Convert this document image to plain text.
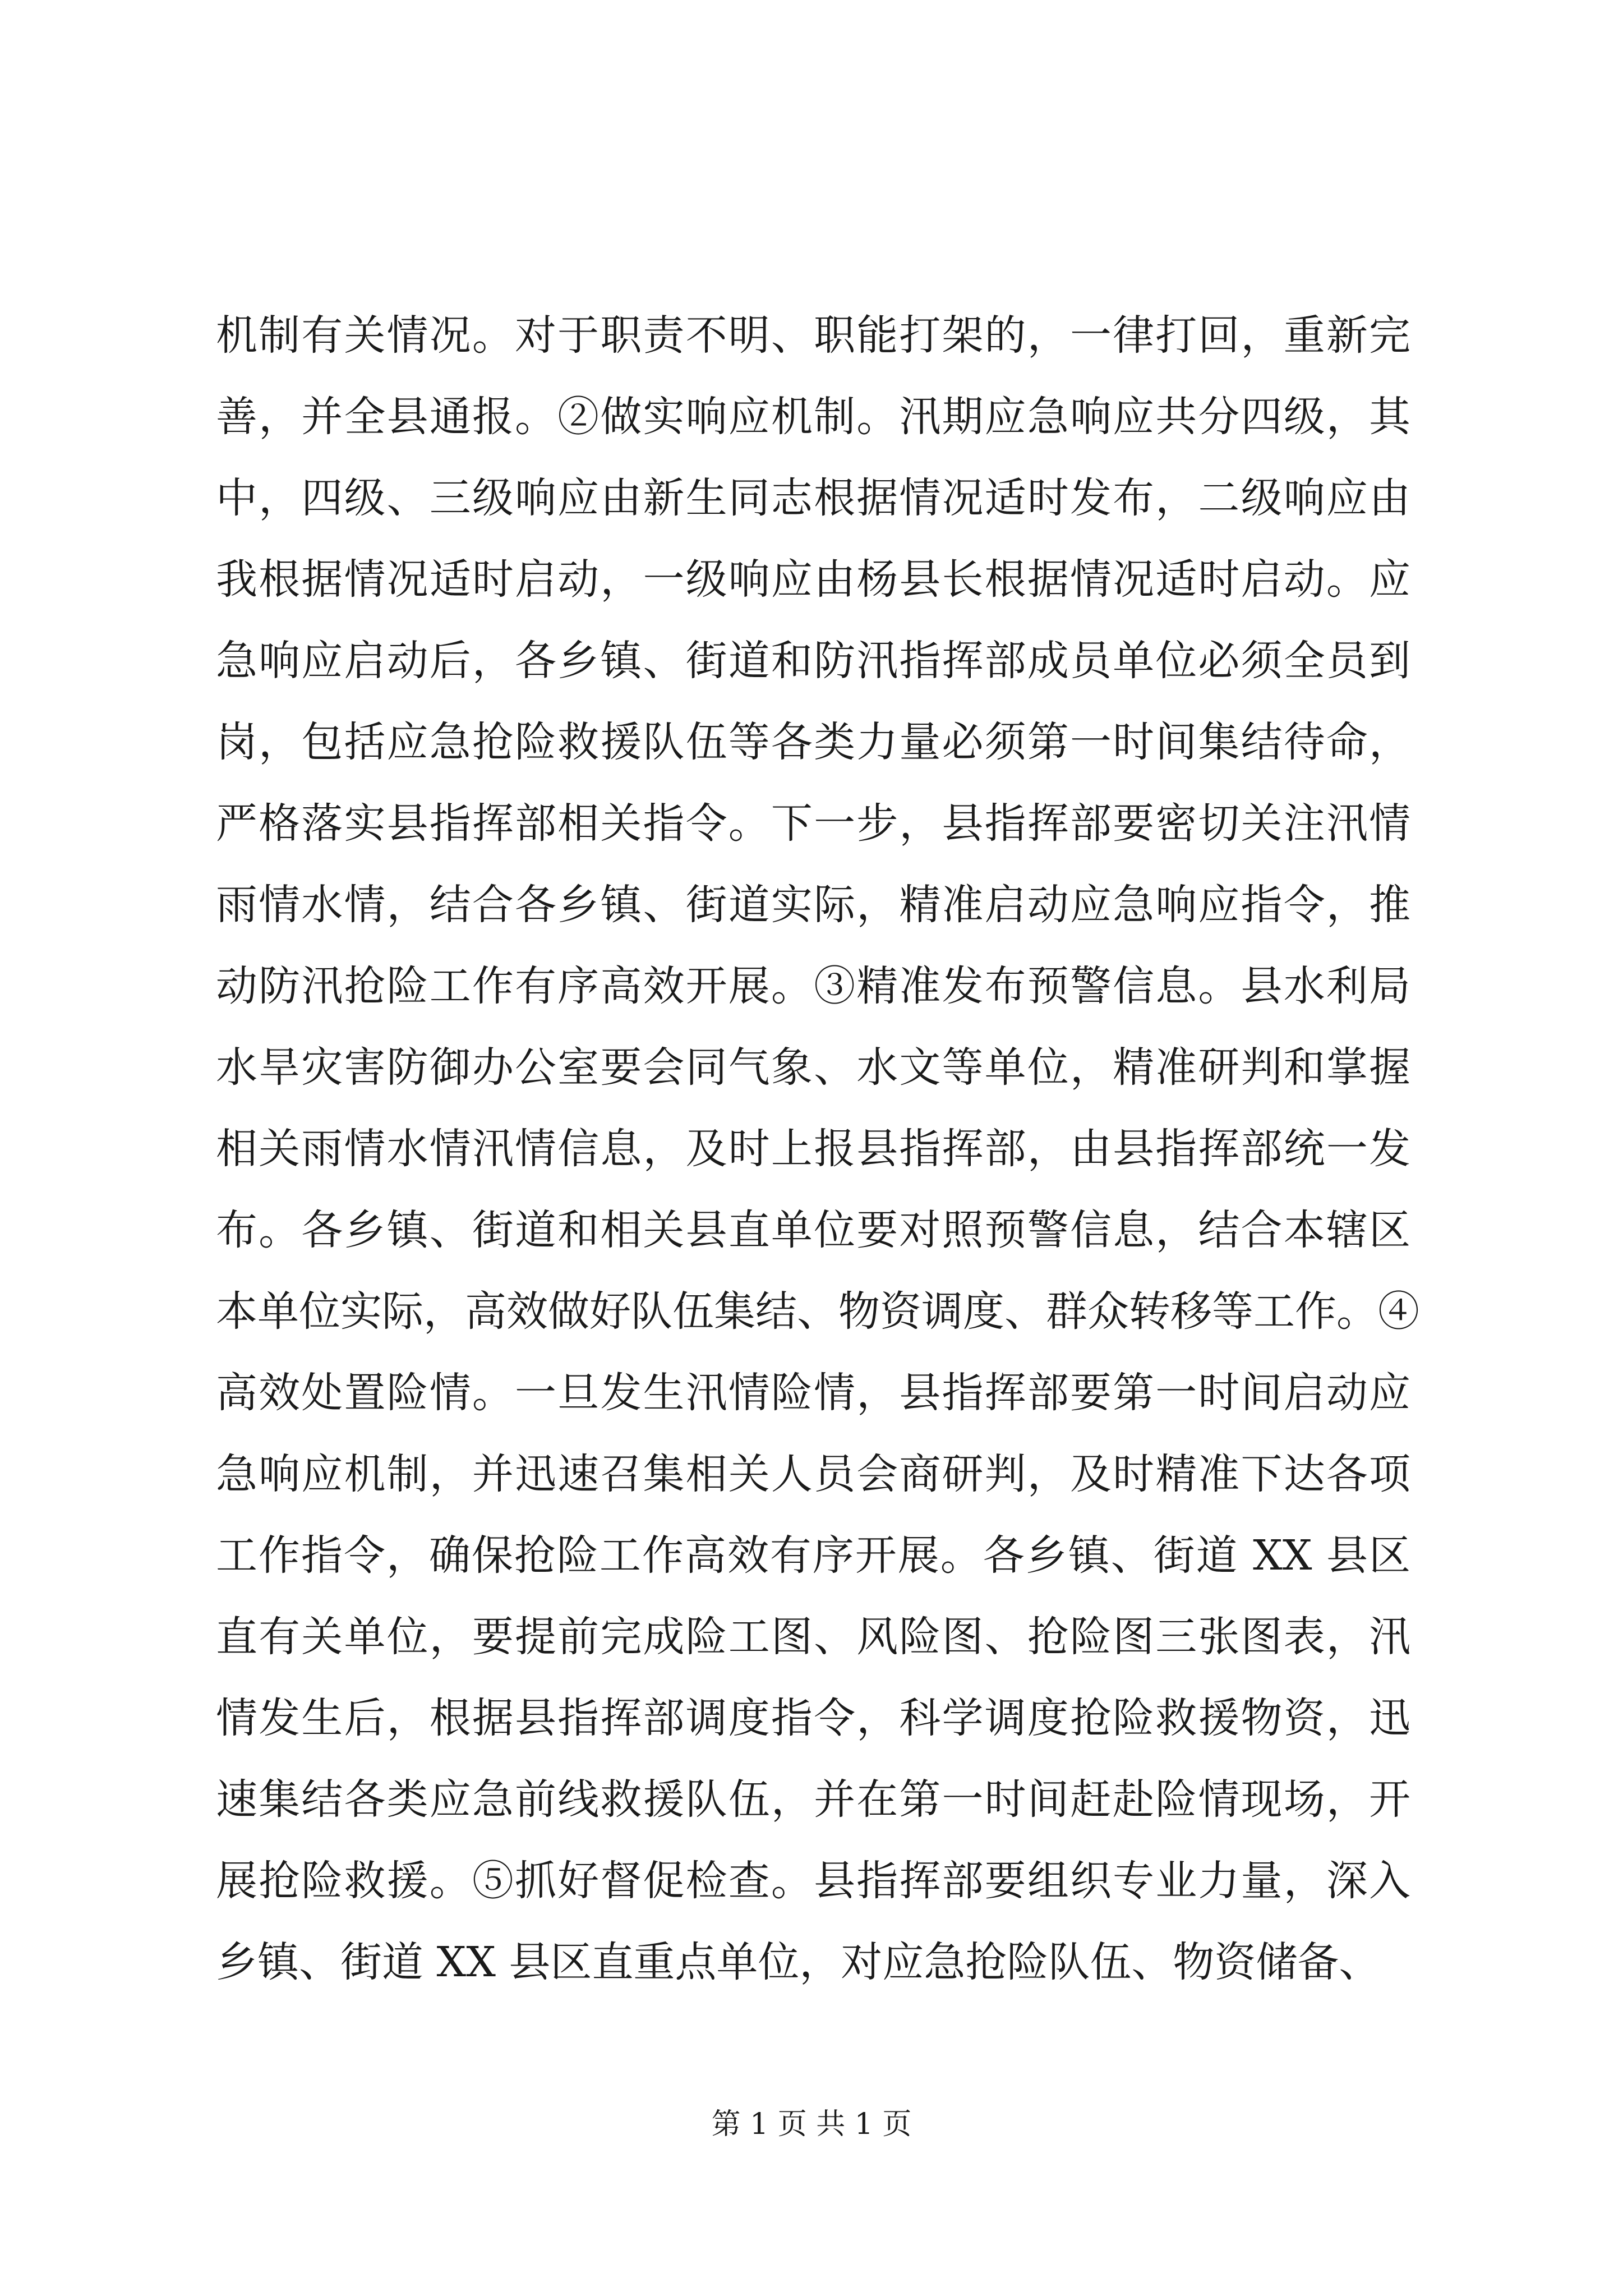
机制有关情况。对于职责不明、职能打架的，一律打回，重新完
善，并全县通报。②做实响应机制。汛期应急响应共分四级，其
中，四级、三级响应由新生同志根据情况适时发布，二级响应由
我根据情况适时启动，一级响应由杨县长根据情况适时启动。应
急响应启动后，各乡镇、街道和防汛指挥部成员单位必须全员到
岗，包括应急抢险救援队伍等各类力量必须第一时间集结待命，
严格落实县指挥部相关指令。下一步，县指挥部要密切关注汛情
雨情水情，结合各乡镇、街道实际，精准启动应急响应指令，推
动防汛抢险工作有序高效开展。③精准发布预警信息。县水利局
水旱灾害防御办公室要会同气象、水文等单位，精准研判和掌握
相关雨情水情汛情信息，及时上报县指挥部，由县指挥部统一发
布。各乡镇、街道和相关县直单位要对照预警信息，结合本辖区
本单位实际，高效做好队伍集结、物资调度、群众转移等工作。④
高效处置险情。一旦发生汛情险情，县指挥部要第一时间启动应
急响应机制，并迅速召集相关人员会商研判，及时精准下达各项
工作指令，确保抢险工作高效有序开展。各乡镇、街道 XX 县区
直有关单位，要提前完成险工图、风险图、抢险图三张图表，汛
情发生后，根据县指挥部调度指令，科学调度抢险救援物资，迅
速集结各类应急前线救援队伍，并在第一时间赶赴险情现场，开
展抢险救援。⑤抓好督促检查。县指挥部要组织专业力量，深入
乡镇、街道 XX 县区直重点单位，对应急抢险队伍、物资储备、
第 1 页 共 1 页
